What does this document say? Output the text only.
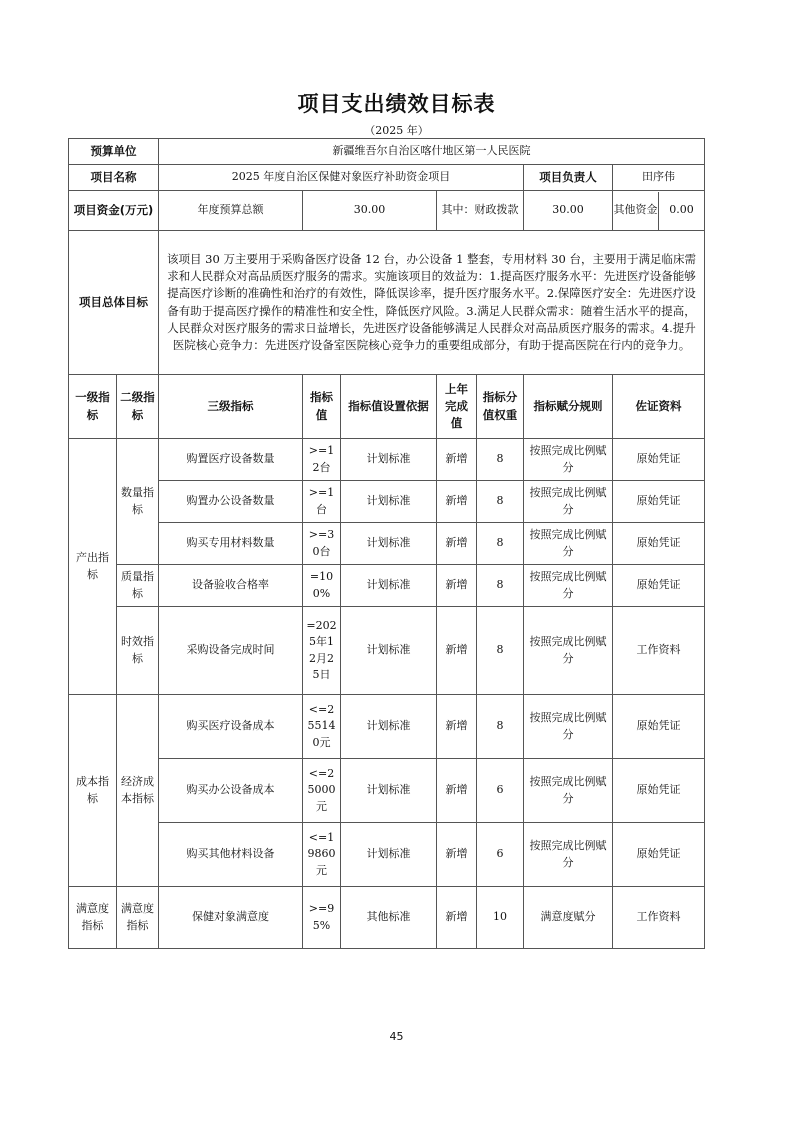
项目支出绩效目标表
（2025 年）
预算单位		新疆维吾尔自治区喀什地区第一人民医院						
项目名称		2025 年度自治区保健对象医疗补助资金项目					项目负责人	田序伟
项目资金(万元)		年度预算总额	30.00		其中：财政拨款		30.00	其他资金 0.00

项目总体目标		该项目 30 万主要用于采购备医疗设备 12 台，办公设备 1 整套，专用材料 30 台，主要用于满足临床需求和人民群众对高品质医疗服务的需求。实施该项目的效益为：1.提高医疗服务水平：先进医疗设备能够提高医疗诊断的准确性和治疗的有效性，降低误诊率，提升医疗服务水平。2.保障医疗安全：先进医疗设备有助于提高医疗操作的精准性和安全性，降低医疗风险。3.满足人民群众需求：随着生活水平的提高，人民群众对医疗服务的需求日益增长，先进医疗设备能够满足人民群众对高品质医疗服务的需求。4.提升医院核心竞争力：先进医疗设备室医院核心竞争力的重要组成部分，有助于提高医院在行内的竞争力。						
一级指标	二级指标	三级指标	指标值	指标值设置依据	上年完成值	指标分值权重	指标赋分规则	佐证资料
产出指标	数量指标	购置医疗设备数量	>=12台	计划标准	新增	8	按照完成比例赋分	原始凭证
		购置办公设备数量	>=1台	计划标准	新增	8	按照完成比例赋分	原始凭证
		购买专用材料数量	>=30台	计划标准	新增	8	按照完成比例赋分	原始凭证
	质量指标	设备验收合格率	=100%	计划标准	新增	8	按照完成比例赋分	原始凭证
	时效指标	采购设备完成时间	=2025年12月25日	计划标准	新增	8	按照完成比例赋分	工作资料
成本指标	经济成本指标	购买医疗设备成本	<=255140元	计划标准	新增	8	按照完成比例赋分	原始凭证
		购买办公设备成本	<=25000元	计划标准	新增	6	按照完成比例赋分	原始凭证
		购买其他材料设备	<=19860元	计划标准	新增	6	按照完成比例赋分	原始凭证
满意度指标	满意度指标	保健对象满意度	>=95%	其他标准	新增	10	满意度赋分	工作资料
45
